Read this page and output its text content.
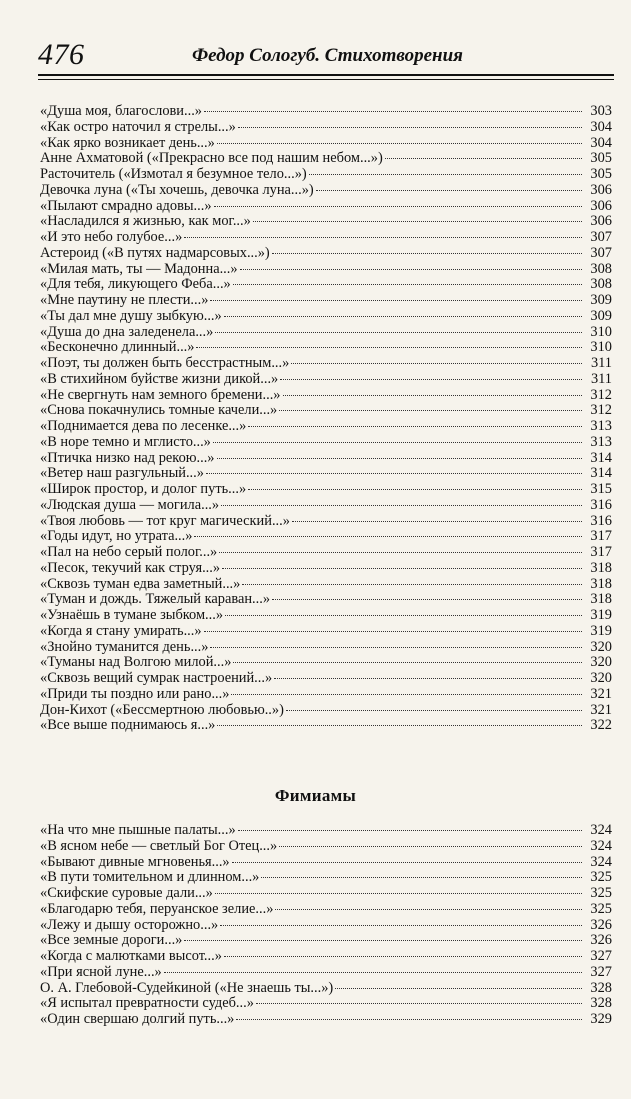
476	Федор Сологуб. Стихотворения
«Душа моя, благослови...»	303
«Как остро наточил я стрелы...»	304
«Как ярко возникает день...»	304
Анне Ахматовой («Прекрасно все под нашим небом...»)	305
Расточитель («Измотал я безумное тело...»)	305
Девочка луна («Ты хочешь, девочка луна...»)	306
«Пылают смрадно адовы...»	306
«Насладился я жизнью, как мог...»	306
«И это небо голубое...»	307
Астероид («В путях надмарсовых...»)	307
«Милая мать, ты — Мадонна...»	308
«Для тебя, ликующего Феба...»	308
«Мне паутину не плести...»	309
«Ты дал мне душу зыбкую...»	309
«Душа до дна заледенела...»	310
«Бесконечно длинный...»	310
«Поэт, ты должен быть бесстрастным...»	311
«В стихийном буйстве жизни дикой...»	311
«Не свергнуть нам земного бремени...»	312
«Снова покачнулись томные качели...»	312
«Поднимается дева по лесенке...»	313
«В норе темно и мглисто...»	313
«Птичка низко над рекою...»	314
«Ветер наш разгульный...»	314
«Широк простор, и долог путь...»	315
«Людская душа — могила...»	316
«Твоя любовь — тот круг магический...»	316
«Годы идут, но утрата...»	317
«Пал на небо серый полог...»	317
«Песок, текучий как струя...»	318
«Сквозь туман едва заметный...»	318
«Туман и дождь. Тяжелый караван...»	318
«Узнаёшь в тумане зыбком...»	319
«Когда я стану умирать...»	319
«Знойно туманится день...»	320
«Туманы над Волгою милой...»	320
«Сквозь вещий сумрак настроений...»	320
«Приди ты поздно или рано...»	321
Дон-Кихот («Бессмертною любовью..»)	321
«Все выше поднимаюсь я...»	322
Фимиамы
«На что мне пышные палаты...»	324
«В ясном небе — светлый Бог Отец...»	324
«Бывают дивные мгновенья...»	324
«В пути томительном и длинном...»	325
«Скифские суровые дали...»	325
«Благодарю тебя, перуанское зелие...»	325
«Лежу и дышу осторожно...»	326
«Все земные дороги...»	326
«Когда с малютками высот...»	327
«При ясной луне...»	327
О. А. Глебовой-Судейкиной («Не знаешь ты...»)	328
«Я испытал превратности судеб...»	328
«Один свершаю долгий путь...»	329
